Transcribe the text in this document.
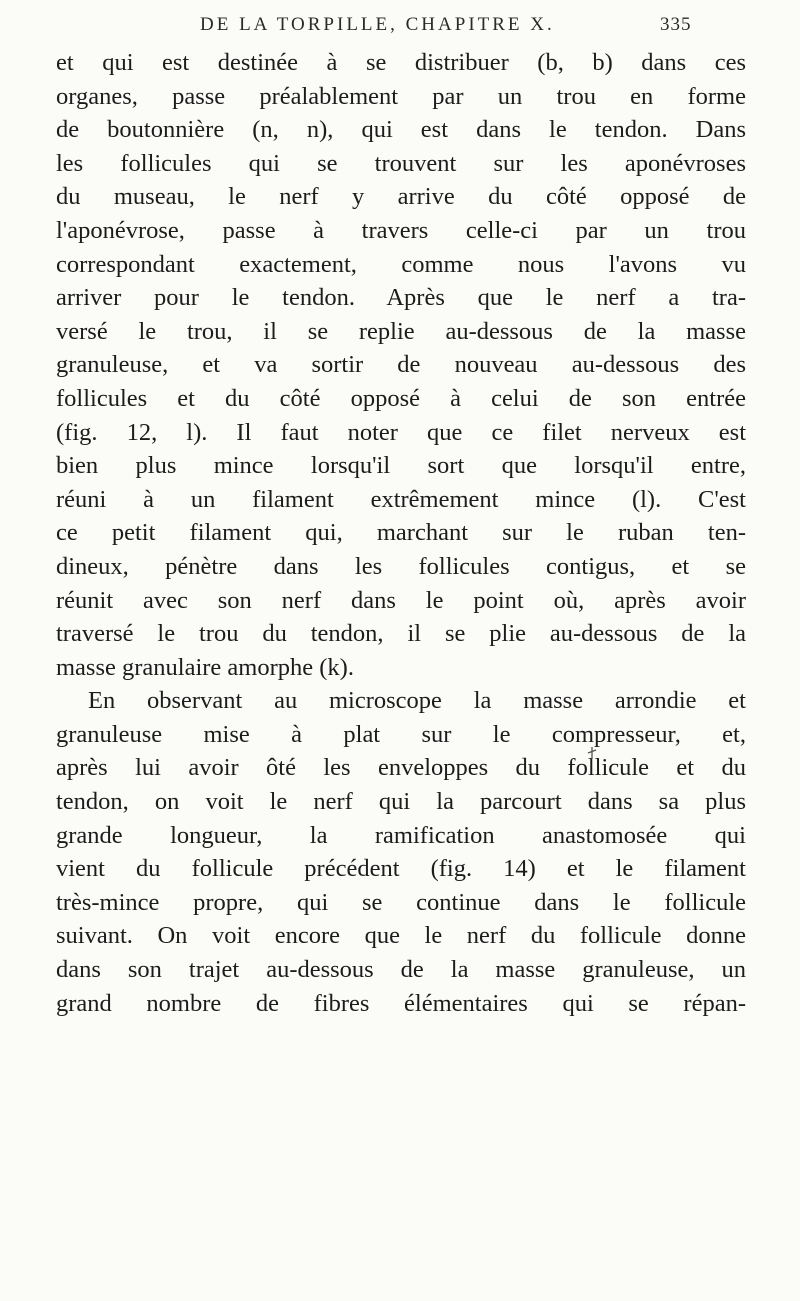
DE LA TORPILLE, CHAPITRE X.	335
et qui est destinée à se distribuer (b, b) dans ces
organes, passe préalablement par un trou en forme
de boutonnière (n, n), qui est dans le tendon. Dans
les follicules qui se trouvent sur les aponévroses
du museau, le nerf y arrive du côté opposé de
l'aponévrose, passe à travers celle-ci par un trou
correspondant exactement, comme nous l'avons vu
arriver pour le tendon. Après que le nerf a tra-
versé le trou, il se replie au-dessous de la masse
granuleuse, et va sortir de nouveau au-dessous des
follicules et du côté opposé à celui de son entrée
(fig. 12, l). Il faut noter que ce filet nerveux est
bien plus mince lorsqu'il sort que lorsqu'il entre,
réuni à un filament extrêmement mince (l). C'est
ce petit filament qui, marchant sur le ruban ten-
dineux, pénètre dans les follicules contigus, et se
réunit avec son nerf dans le point où, après avoir
traversé le trou du tendon, il se plie au-dessous de la
masse granulaire amorphe (k).
En observant au microscope la masse arrondie et
granuleuse mise à plat sur le compresseur, et,
après lui avoir ôté les enveloppes du follicule et du
tendon, on voit le nerf qui la parcourt dans sa plus
grande longueur, la ramification anastomosée qui
vient du follicule précédent (fig. 14) et le filament
très-mince propre, qui se continue dans le follicule
suivant. On voit encore que le nerf du follicule donne
dans son trajet au-dessous de la masse granuleuse, un
grand nombre de fibres élémentaires qui se répan-
